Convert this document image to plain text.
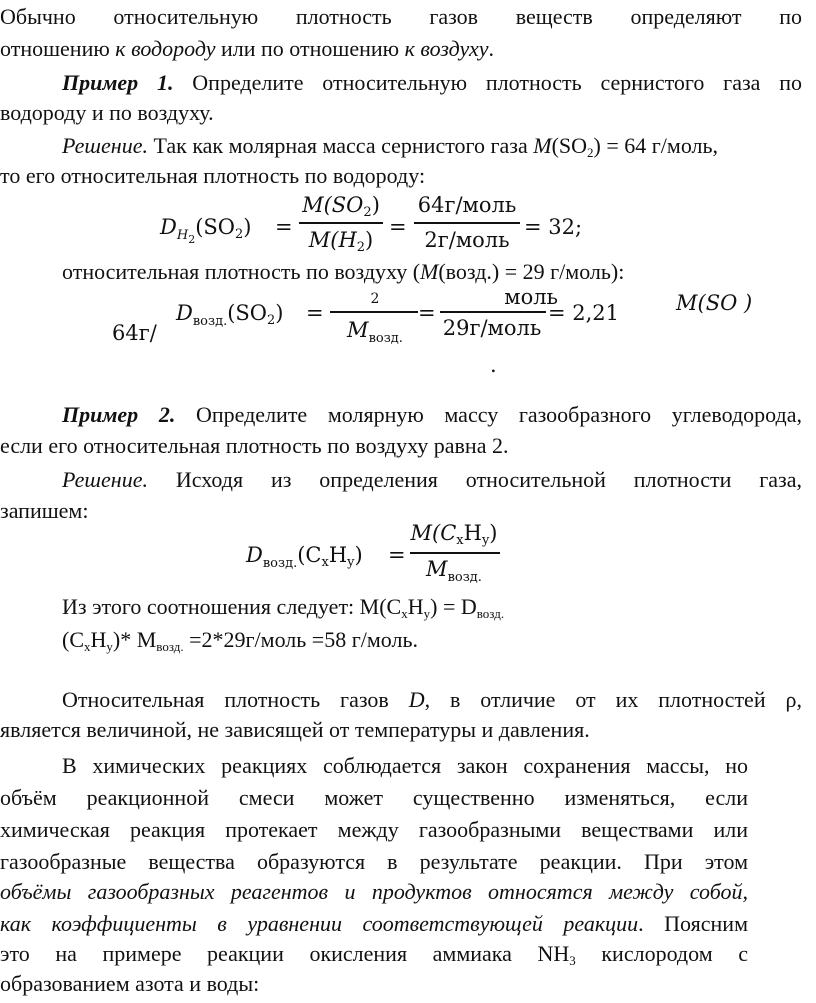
Обычно относительную плотность газов веществ определяют по
отношению к водороду или по отношению к воздуху.
Пример 1. Определите относительную плотность сернистого газа по
водороду и по воздуху.
Решение. Так как молярная масса сернистого газа M(SO2) = 64 г/моль,
то его относительная плотность по водороду:
$D_{H2}(SO2)$ =
M(SO2)
M(H2)
=
64г/моль
2г/моль
= 32;
относительная плотность по воздуху (M(возд.) = 29 г/моль):
64г/
$D_{возд.}(SO2)$ =
2
$M_{возд.}$
=
моль
29г/моль
= 2,21	M(SO )
.
Пример 2. Определите молярную массу газообразного углеводорода,
если его относительная плотность по воздуху равна 2.
Решение. Исходя из определения относительной плотности газа,
запишем:
$D_{возд.}(CxHy)$ =
M(CxHy)
$M_{возд.}$
Из этого соотношения следует: M(CxHy) = Dвозд.
(CxHy)* Mвозд. =2*29г/моль =58 г/моль.
Относительная плотность газов D, в отличие от их плотностей ρ,
является величиной, не зависящей от температуры и давления.
В химических реакциях соблюдается закон сохранения массы, но
объём реакционной смеси может существенно изменяться, если
химическая реакция протекает между газообразными веществами или
газообразные вещества образуются в результате реакции. При этом
объёмы газообразных реагентов и продуктов относятся между собой,
как коэффициенты в уравнении соответствующей реакции. Поясним
это на примере реакции окисления аммиака NH3 кислородом с
образованием азота и воды:
